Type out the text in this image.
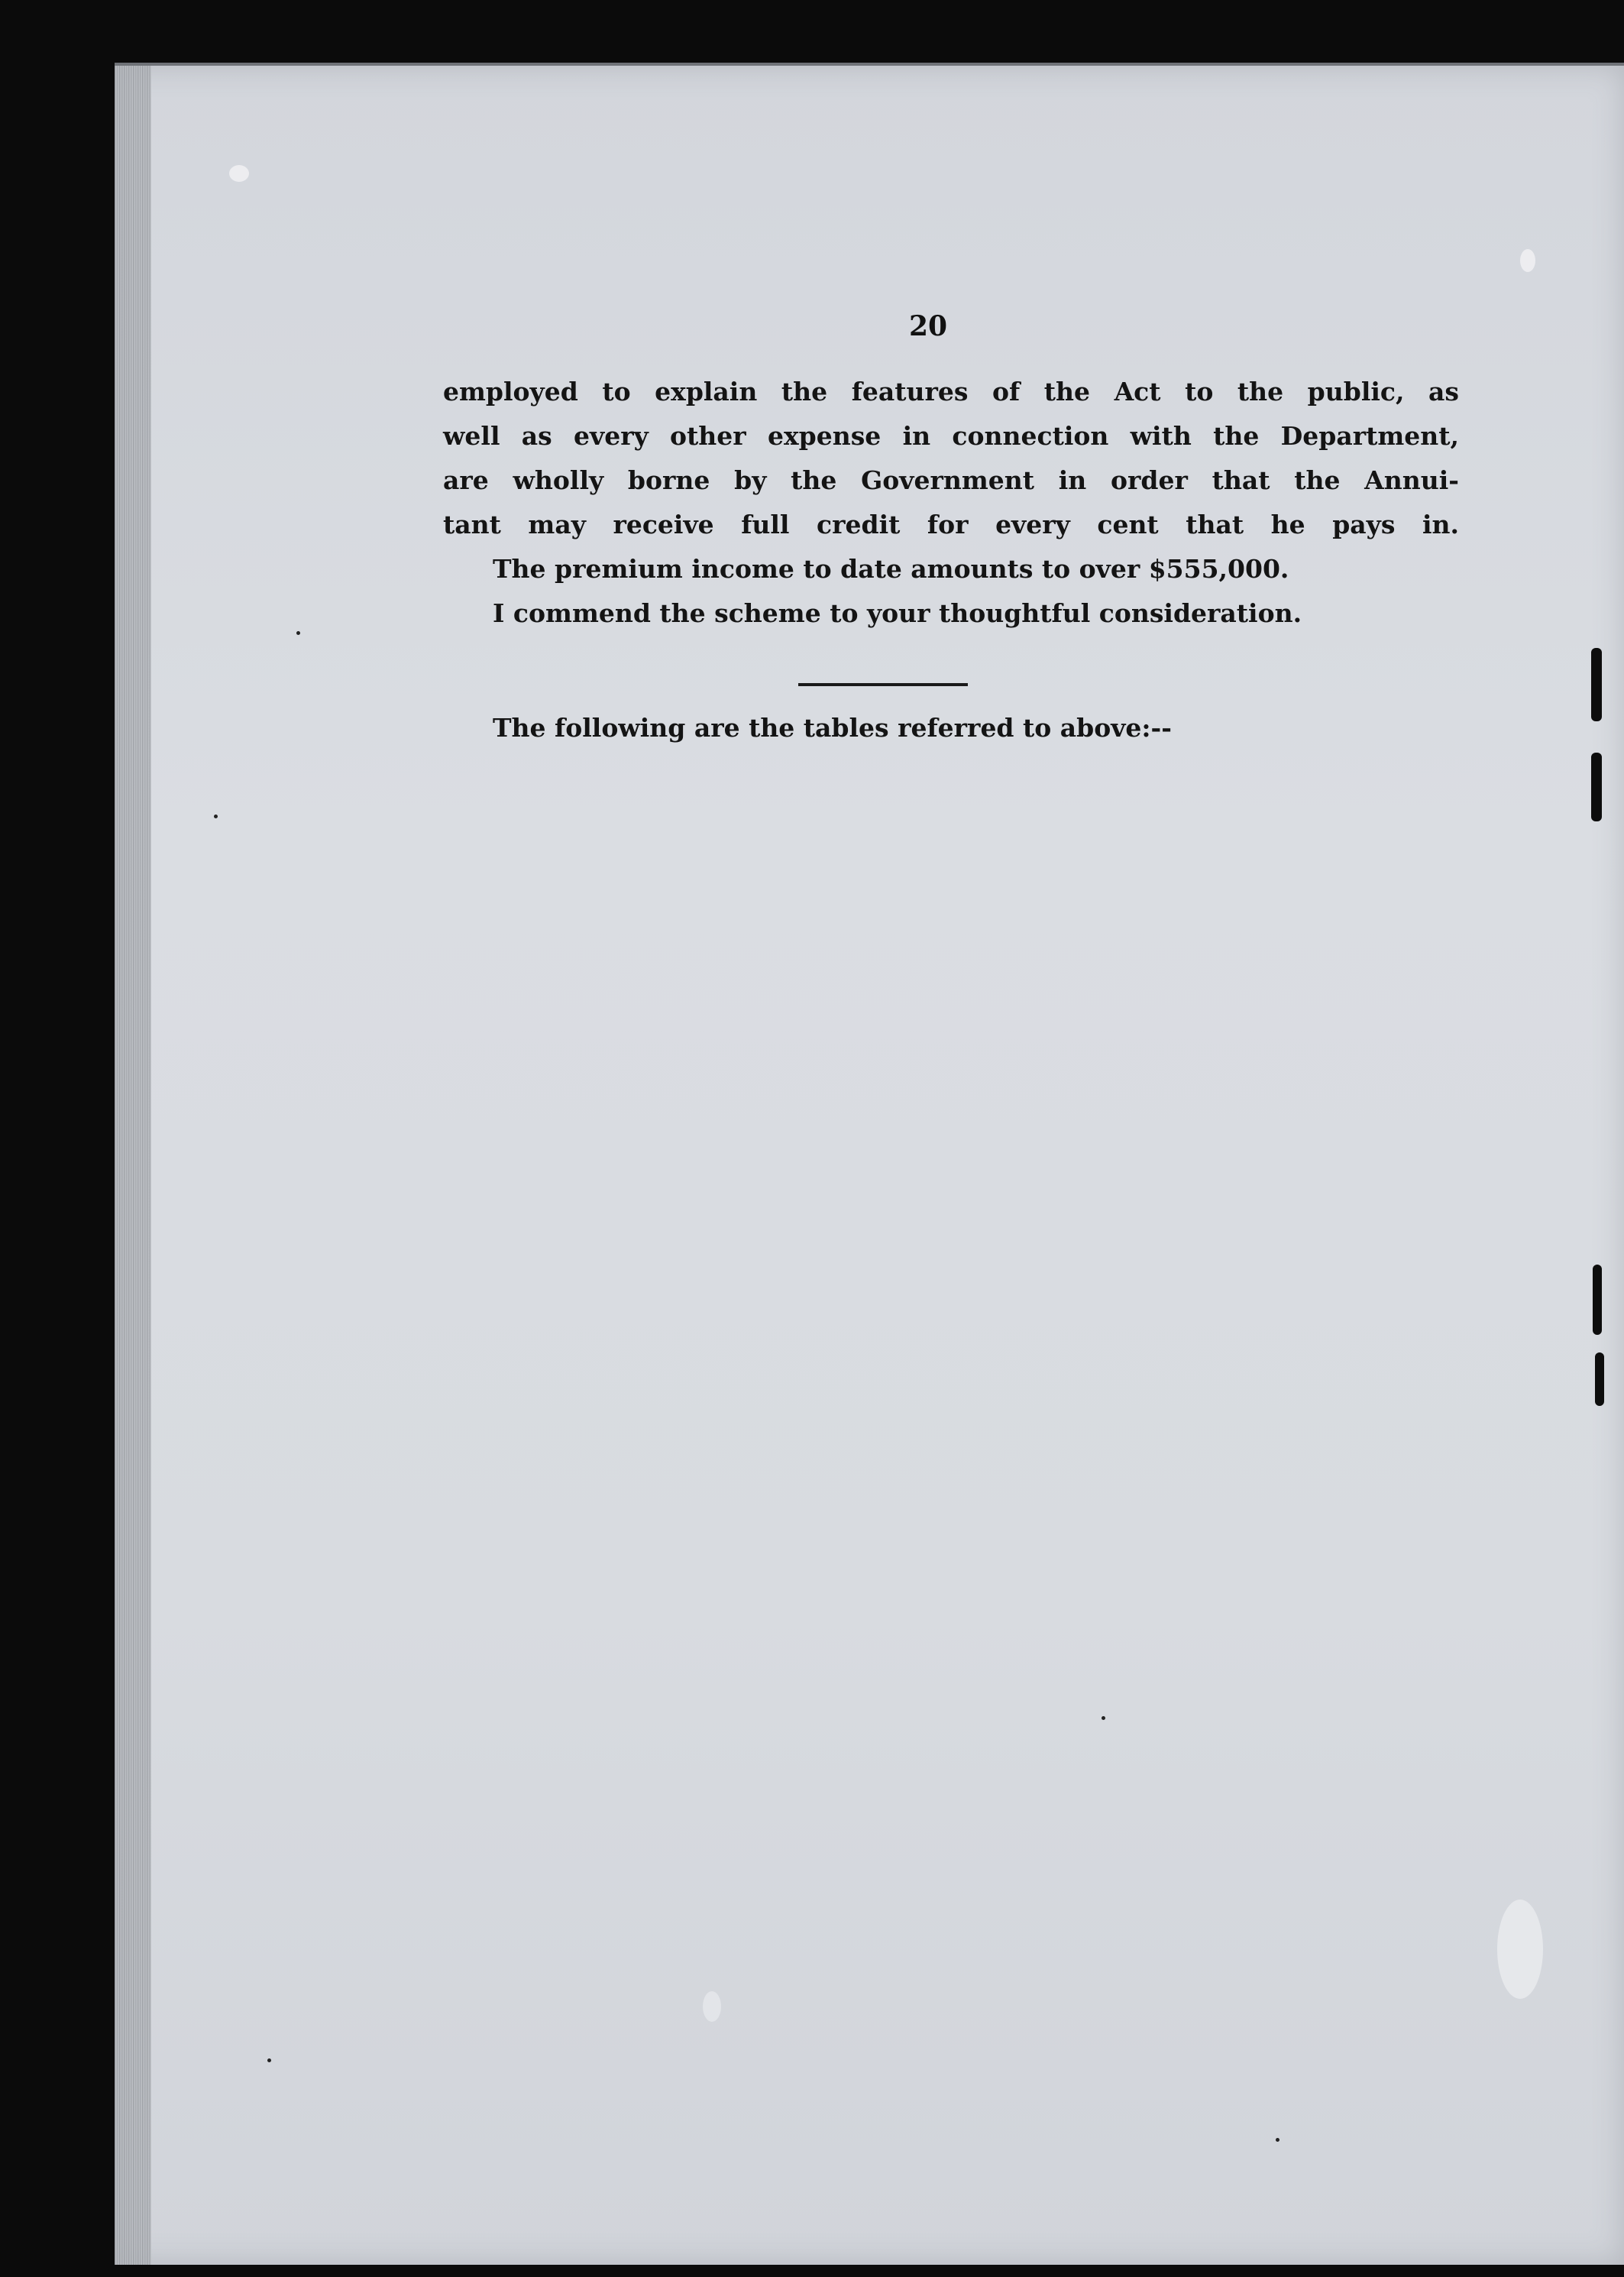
20

employed to explain the features of the Act to the public, as

well as every other expense in connection with the Department,

are wholly borne by the Government in order that the Annui-

tant may receive full credit for every cent that he pays in.

The premium income to date amounts to over $555,000.

I commend the scheme to your thoughtful consideration.

The following are the tables referred to above:--
